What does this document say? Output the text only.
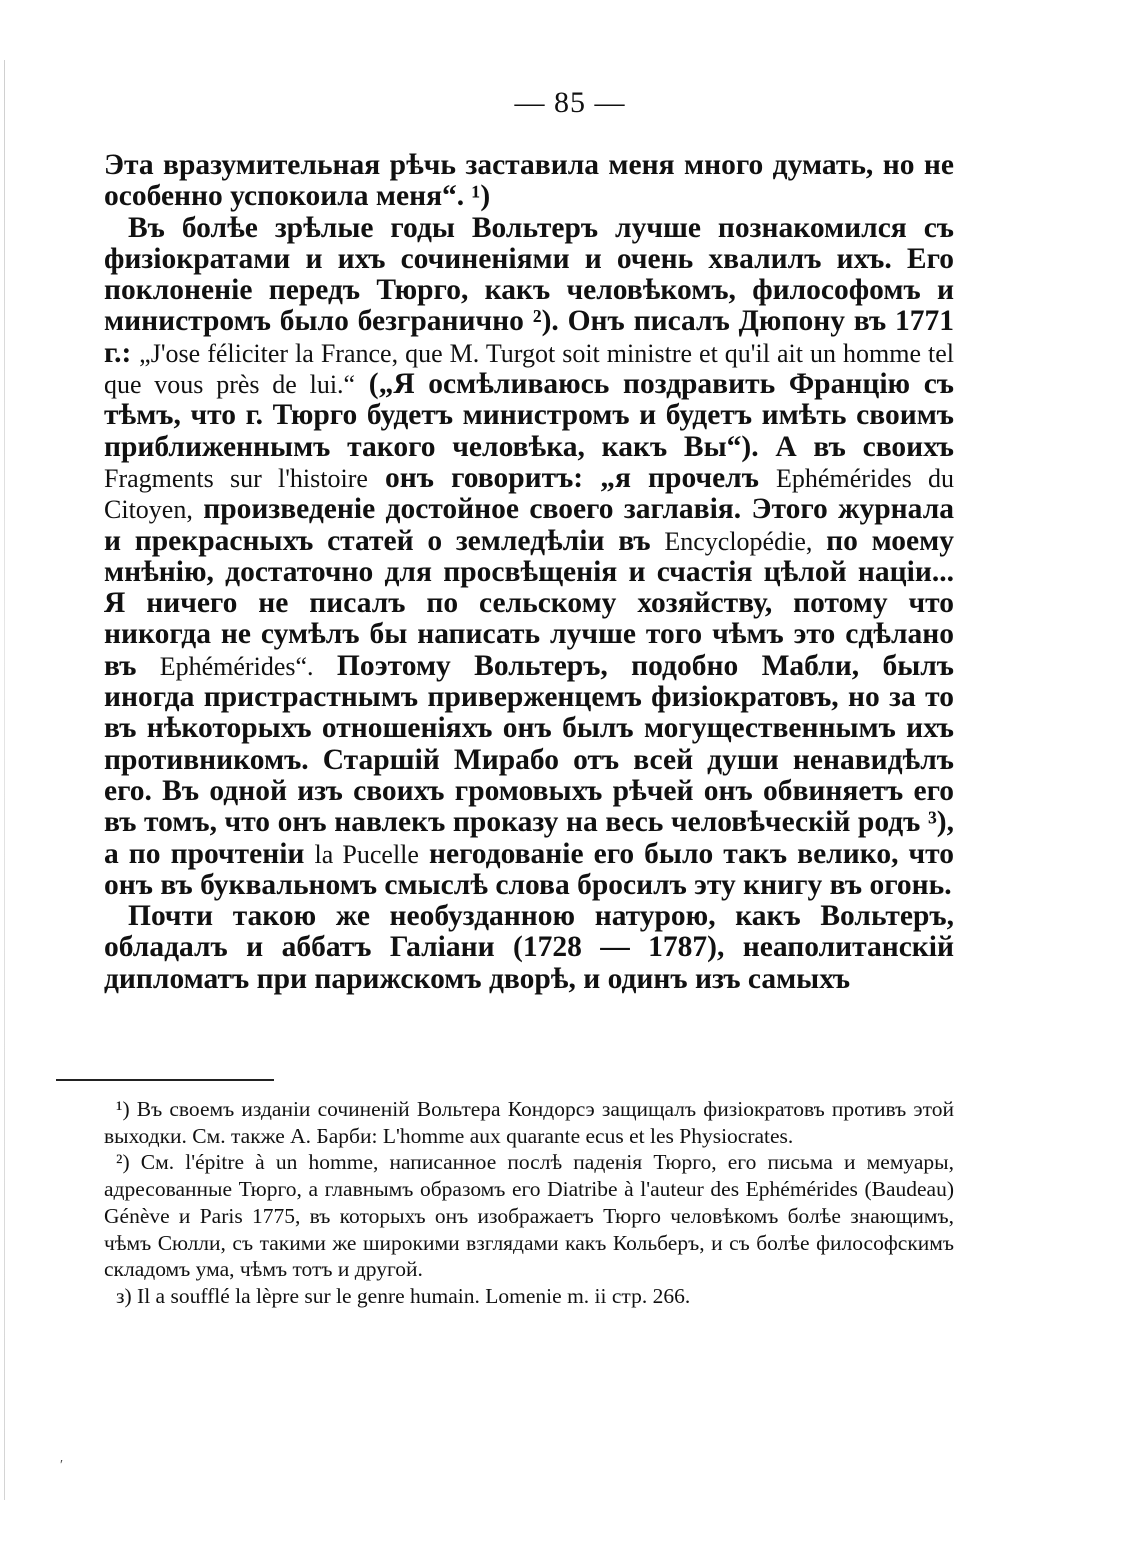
— 85 —

Эта вразумительная рѣчь заставила меня много думать, но не особенно успокоила меня“. ¹)

Въ болѣе зрѣлые годы Вольтеръ лучше познакомился съ физіократами и ихъ сочиненіями и очень хвалилъ ихъ. Его поклоненіе передъ Тюрго, какъ человѣкомъ, философомъ и министромъ было безгранично ²). Онъ писалъ Дюпону въ 1771 г.: „J'ose féliciter la France, que M. Turgot soit ministre et qu'il ait un homme tel que vous près de lui.“ („Я осмѣливаюсь поздравить Францію съ тѣмъ, что г. Тюрго будетъ министромъ и будетъ имѣть своимъ приближеннымъ такого человѣка, какъ Вы“). А въ своихъ Fragments sur l'histoire онъ говоритъ: „я прочелъ Ephémérides du Citoyen, произведеніе достойное своего заглавія. Этого журнала и прекрасныхъ статей о земледѣліи въ Encyclopédie, по моему мнѣнію, достаточно для просвѣщенія и счастія цѣлой націи... Я ничего не писалъ по сельскому хозяйству, потому что никогда не сумѣлъ бы написать лучше того чѣмъ это сдѣлано въ Ephémérides“. Поэтому Вольтеръ, подобно Мабли, былъ иногда пристрастнымъ приверженцемъ физіократовъ, но за то въ нѣкоторыхъ отношеніяхъ онъ былъ могущественнымъ ихъ противникомъ. Старшій Мирабо отъ всей души ненавидѣлъ его. Въ одной изъ своихъ громовыхъ рѣчей онъ обвиняетъ его въ томъ, что онъ навлекъ проказу на весь человѣческій родъ ³), а по прочтеніи la Pucelle негодованіе его было такъ велико, что онъ въ буквальномъ смыслѣ слова бросилъ эту книгу въ огонь.

Почти такою же необузданною натурою, какъ Вольтеръ, обладалъ и аббатъ Галіани (1728 — 1787), неаполитанскій дипломатъ при парижскомъ дворѣ, и одинъ изъ самыхъ

¹) Въ своемъ изданіи сочиненій Вольтера Кондорсэ защищалъ физіократовъ противъ этой выходки. См. также А. Барби: L'homme aux quarante ecus et les Physiocrates.

²) См. l'épitre à un homme, написанное послѣ паденія Тюрго, его письма и мемуары, адресованные Тюрго, а главнымъ образомъ его Diatribe à l'auteur des Ephémérides (Baudeau) Génève и Paris 1775, въ которыхъ онъ изображаетъ Тюрго человѣкомъ болѣе знающимъ, чѣмъ Сюлли, съ такими же широкими взглядами какъ Кольберъ, и съ болѣе философскимъ складомъ ума, чѣмъ тотъ и другой.

з) Il a soufflé la lèpre sur le genre humain. Lomenie m. ii стр. 266.

′
